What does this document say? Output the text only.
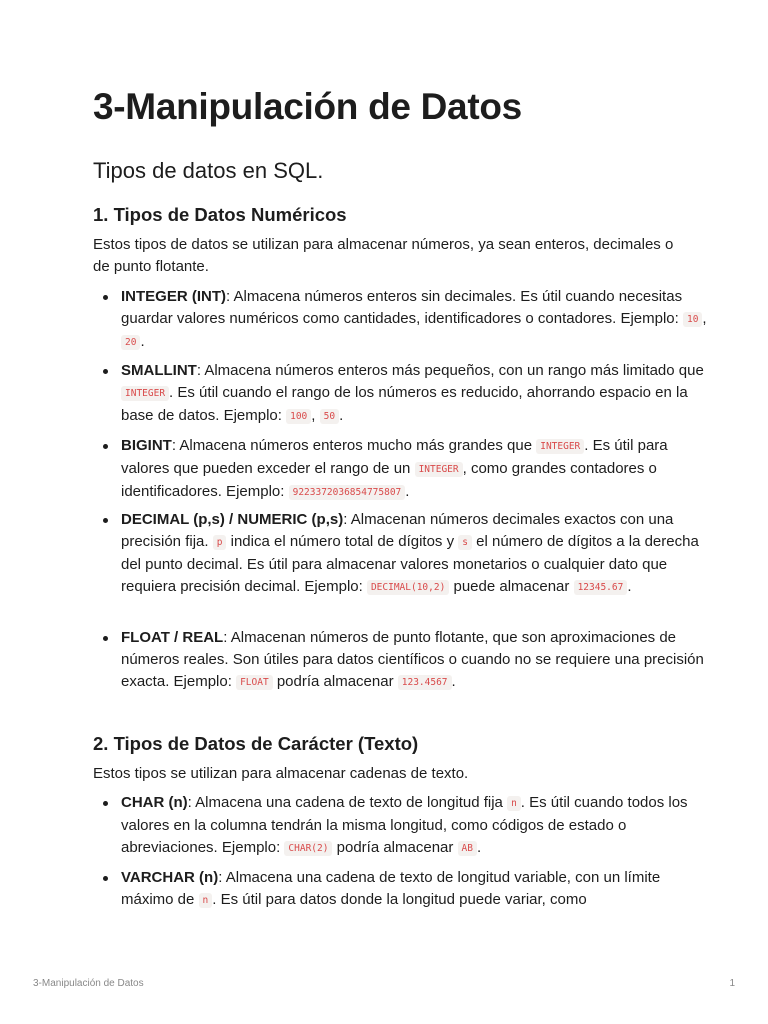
3-Manipulación de Datos
Tipos de datos en SQL.
1. Tipos de Datos Numéricos

Estos tipos de datos se utilizan para almacenar números, ya sean enteros, decimales o de punto flotante.

INTEGER (INT): Almacena números enteros sin decimales. Es útil cuando necesitas guardar valores numéricos como cantidades, identificadores o contadores. Ejemplo: 10 , 20 .
SMALLINT: Almacena números enteros más pequeños, con un rango más limitado que INTEGER . Es útil cuando el rango de los números es reducido, ahorrando espacio en la base de datos. Ejemplo: 100 , 50 .
BIGINT: Almacena números enteros mucho más grandes que INTEGER . Es útil para valores que pueden exceder el rango de un INTEGER , como grandes contadores o identificadores. Ejemplo: 9223372036854775807 .
DECIMAL (p,s) / NUMERIC (p,s): Almacenan números decimales exactos con una precisión fija. p indica el número total de dígitos y s el número de dígitos a la derecha del punto decimal. Es útil para almacenar valores monetarios o cualquier dato que requiera precisión decimal. Ejemplo: DECIMAL(10,2) puede almacenar 12345.67 .
FLOAT / REAL: Almacenan números de punto flotante, que son aproximaciones de números reales. Son útiles para datos científicos o cuando no se requiere una precisión exacta. Ejemplo: FLOAT podría almacenar 123.4567 .
2. Tipos de Datos de Carácter (Texto)

Estos tipos se utilizan para almacenar cadenas de texto.

CHAR (n): Almacena una cadena de texto de longitud fija n . Es útil cuando todos los valores en la columna tendrán la misma longitud, como códigos de estado o abreviaciones. Ejemplo: CHAR(2) podría almacenar AB .
VARCHAR (n): Almacena una cadena de texto de longitud variable, con un límite máximo de n . Es útil para datos donde la longitud puede variar, como
3-Manipulación de Datos	1
